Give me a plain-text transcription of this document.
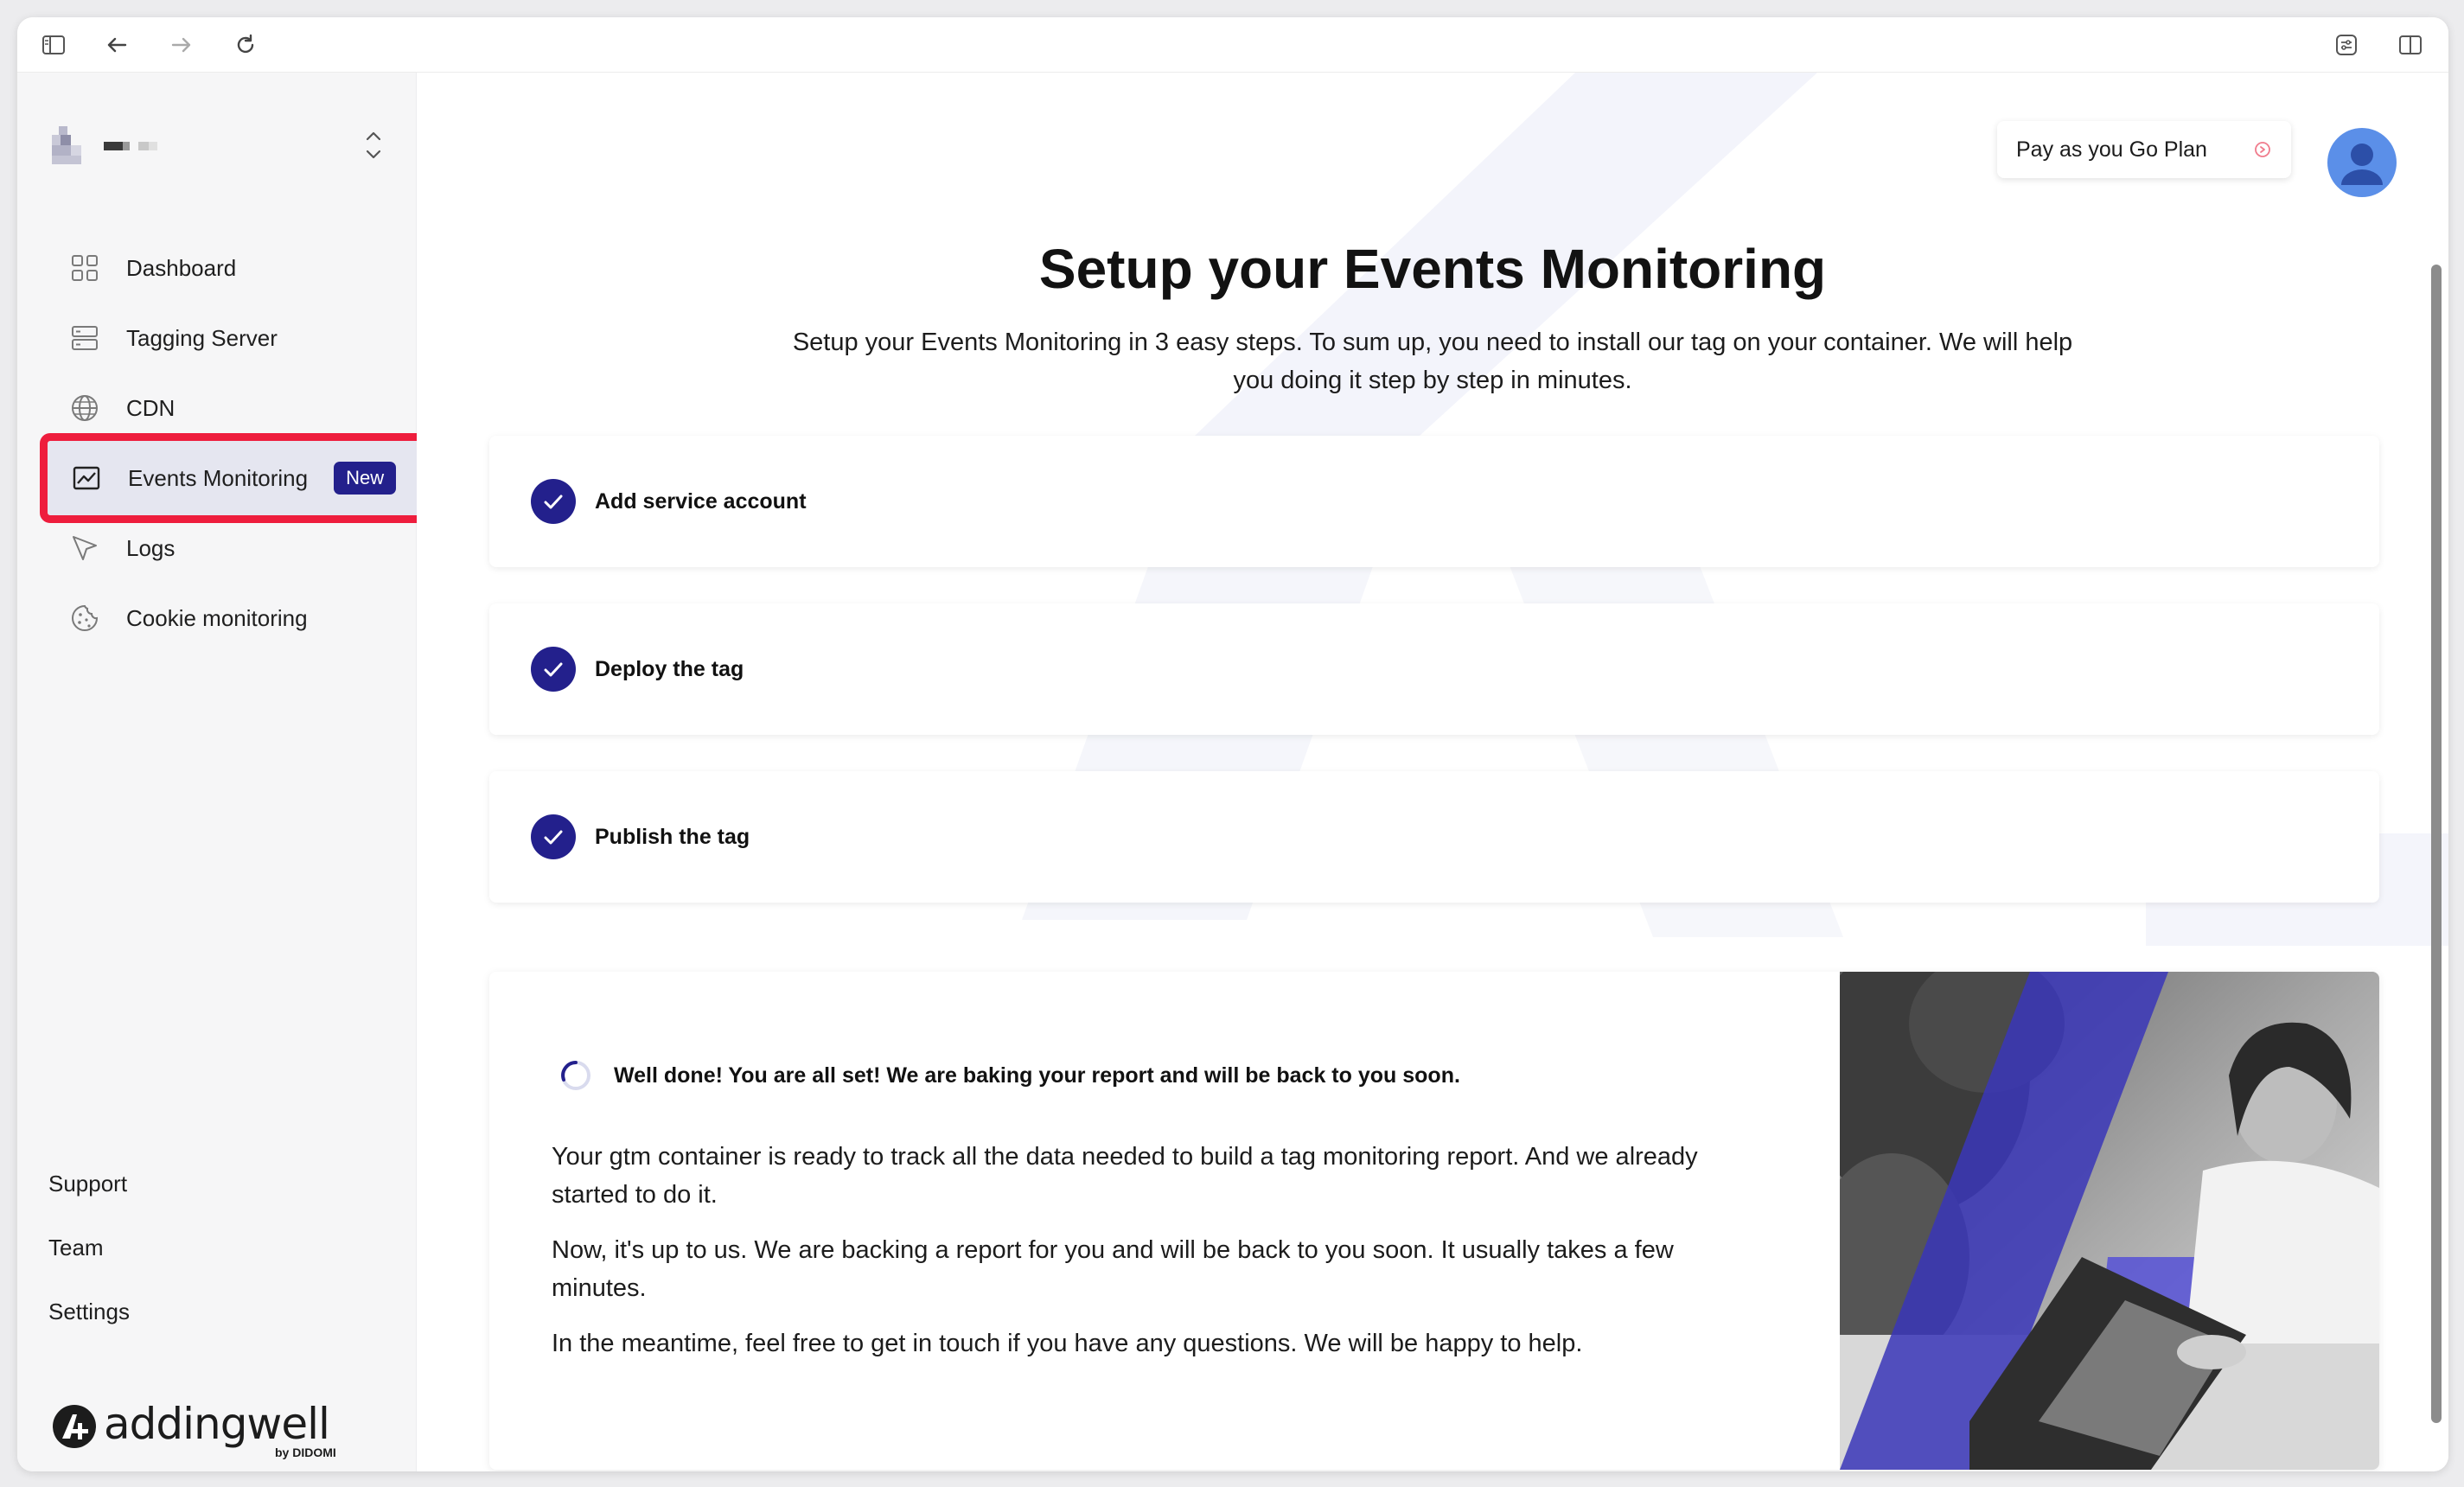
Dashboard
Tagging Server
CDN
Events Monitoring	New
Logs
Cookie monitoring
Support
Team
Settings
addingwell
by DIDOMI
Pay as you Go Plan
Setup your Events Monitoring

Setup your Events Monitoring in 3 easy steps. To sum up, you need to install our tag on your container. We will help you doing it step by step in minutes.

Add service account
Deploy the tag
Publish the tag
Well done! You are all set! We are baking your report and will be back to you soon.

Your gtm container is ready to track all the data needed to build a tag monitoring report. And we already started to do it.

Now, it's up to us. We are backing a report for you and will be back to you soon. It usually takes a few minutes.

In the meantime, feel free to get in touch if you have any questions. We will be happy to help.
